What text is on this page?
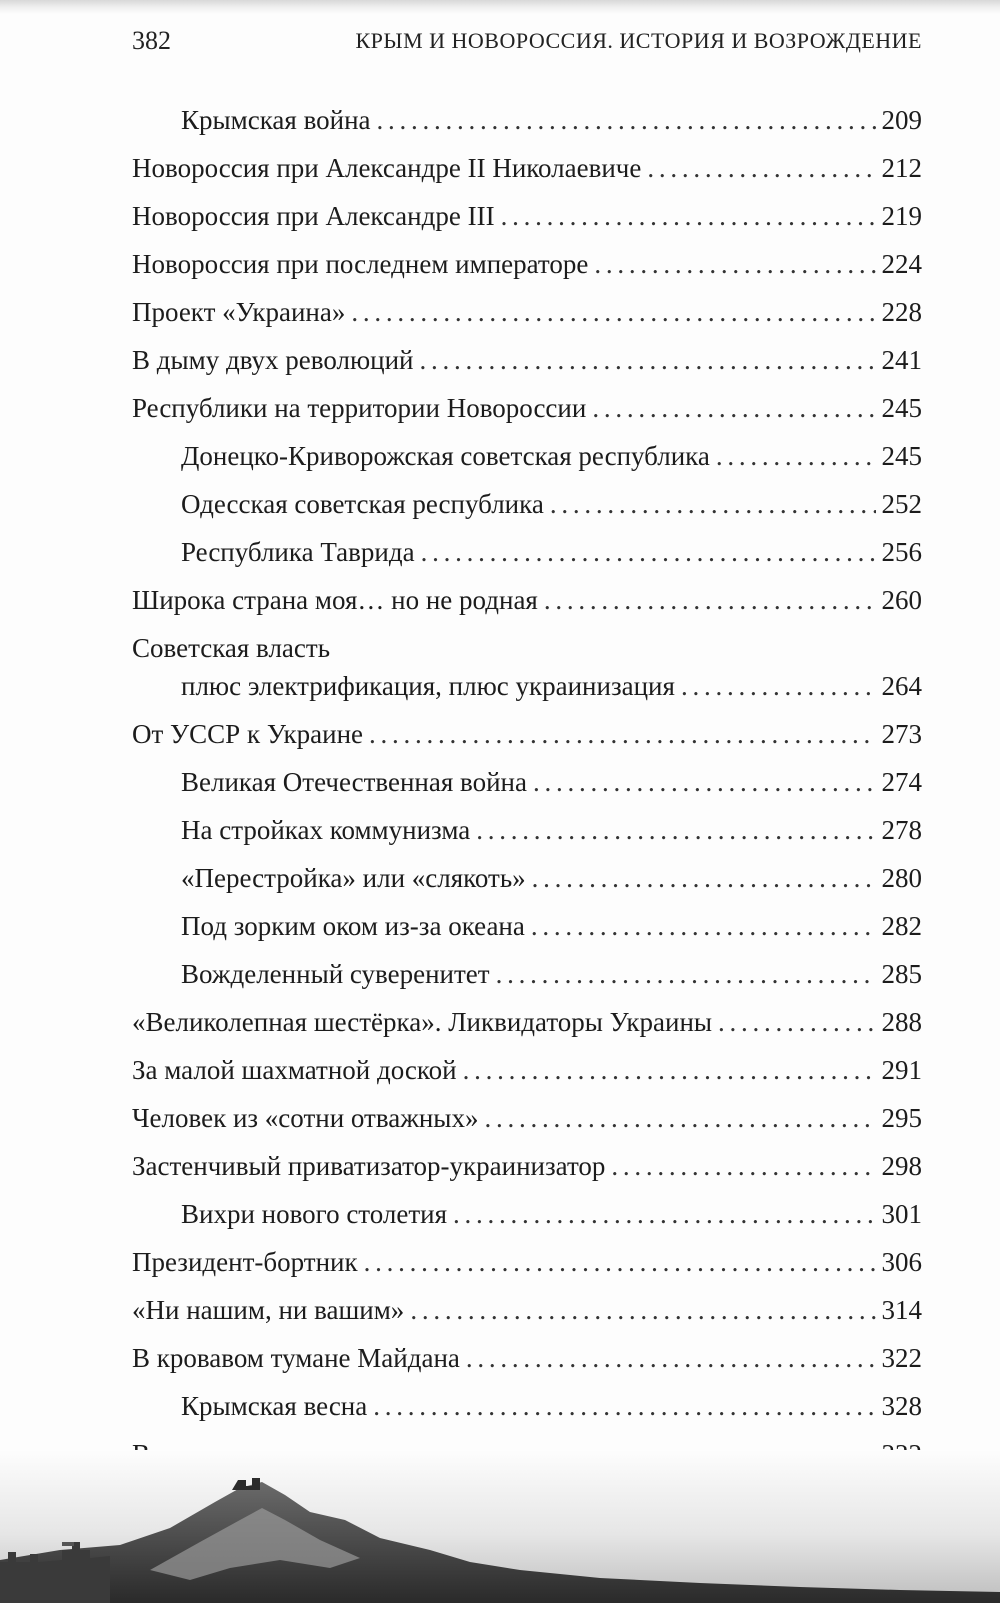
382	КРЫМ И НОВОРОССИЯ. ИСТОРИЯ И ВОЗРОЖДЕНИЕ
Крымская война . . .	209
Новороссия при Александре II Николаевиче . . .	212
Новороссия при Александре III . . .	219
Новороссия при последнем императоре . . .	224
Проект «Украина» . . .	228
В дыму двух революций . . .	241
Республики на территории Новороссии . . .	245
Донецко-Криворожская советская республика . . .	245
Одесская советская республика . . .	252
Республика Таврида . . .	256
Широка страна моя… но не родная . . .	260
Советская власть
плюс электрификация, плюс украинизация . . .	264
От УССР к Украине . . .	273
Великая Отечественная война . . .	274
На стройках коммунизма . . .	278
«Перестройка» или «слякоть» . . .	280
Под зорким оком из-за океана . . .	282
Вожделенный суверенитет . . .	285
«Великолепная шестёрка». Ликвидаторы Украины . . .	288
За малой шахматной доской . . .	291
Человек из «сотни отважных» . . .	295
Застенчивый приватизатор-украинизатор . . .	298
Вихри нового столетия . . .	301
Президент-бортник . . .	306
«Ни нашим, ни вашим» . . .	314
В кровавом тумане Майдана . . .	322
Крымская весна . . .	328
. . .
